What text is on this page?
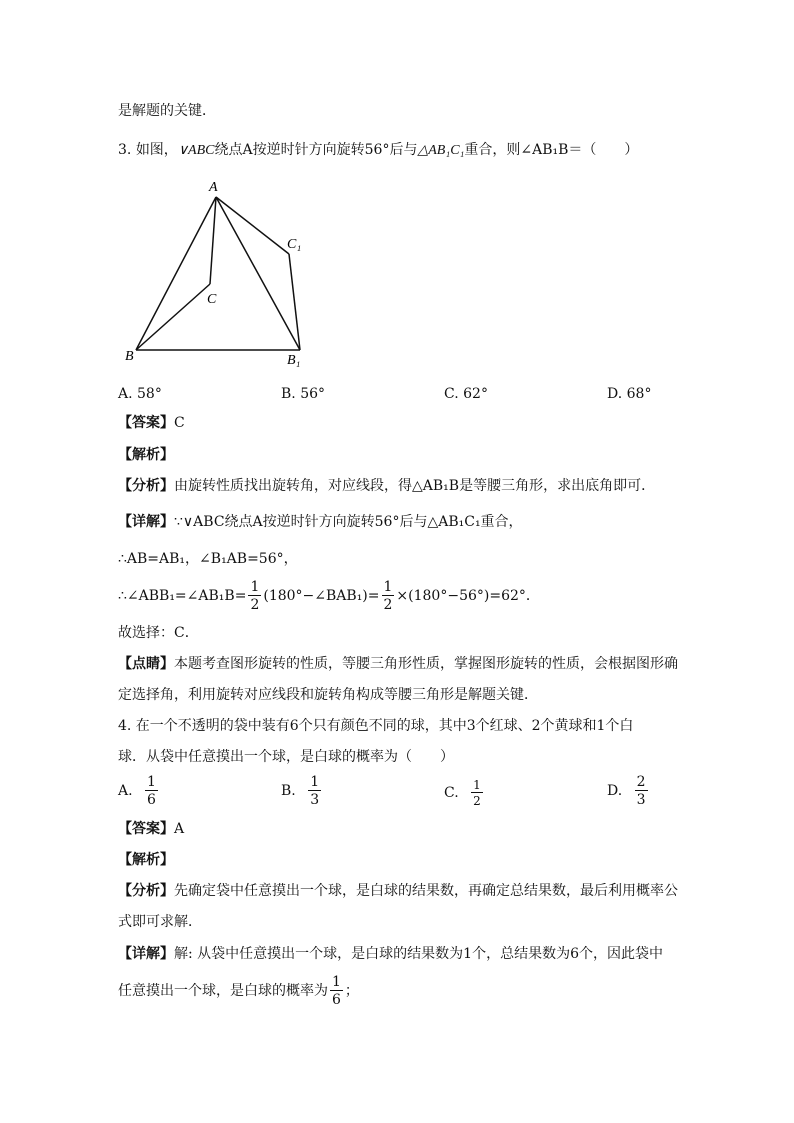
是解题的关键．
3. 如图，∨ABC绕点A按逆时针方向旋转56°后与△AB₁C₁重合，则∠AB₁B＝（　　）
A
B
C
B₁
C₁
A. 58°	B. 56°	C. 62°	D. 68°
【答案】C
【解析】
【分析】由旋转性质找出旋转角，对应线段，得△AB₁B是等腰三角形，求出底角即可．
【详解】∵∨ABC绕点A按逆时针方向旋转56°后与△AB₁C₁重合，
∴AB=AB₁，∠B₁AB=56°，
∴∠ABB₁=∠AB₁B= $\frac{1}{2}$ (180°−∠BAB₁)= $\frac{1}{2} \times(180^\circ-56^\circ)=62^\circ$．
故选择：C．
【点睛】本题考查图形旋转的性质，等腰三角形性质，掌握图形旋转的性质，会根据图形确
定选择角，利用旋转对应线段和旋转角构成等腰三角形是解题关键．
4. 在一个不透明的袋中装有6个只有颜色不同的球，其中3个红球、2个黄球和1个白
球．从袋中任意摸出一个球，是白球的概率为（　　）
A. $\frac{1}{6}$	B. $\frac{1}{3}$	C. $\frac{1}{2}$	D. $\frac{2}{3}$
【答案】A
【解析】
【分析】先确定袋中任意摸出一个球，是白球的结果数，再确定总结果数，最后利用概率公
式即可求解．
【详解】解: 从袋中任意摸出一个球，是白球的结果数为1个，总结果数为6个，因此袋中
任意摸出一个球，是白球的概率为 $\frac{1}{6}$ ；
